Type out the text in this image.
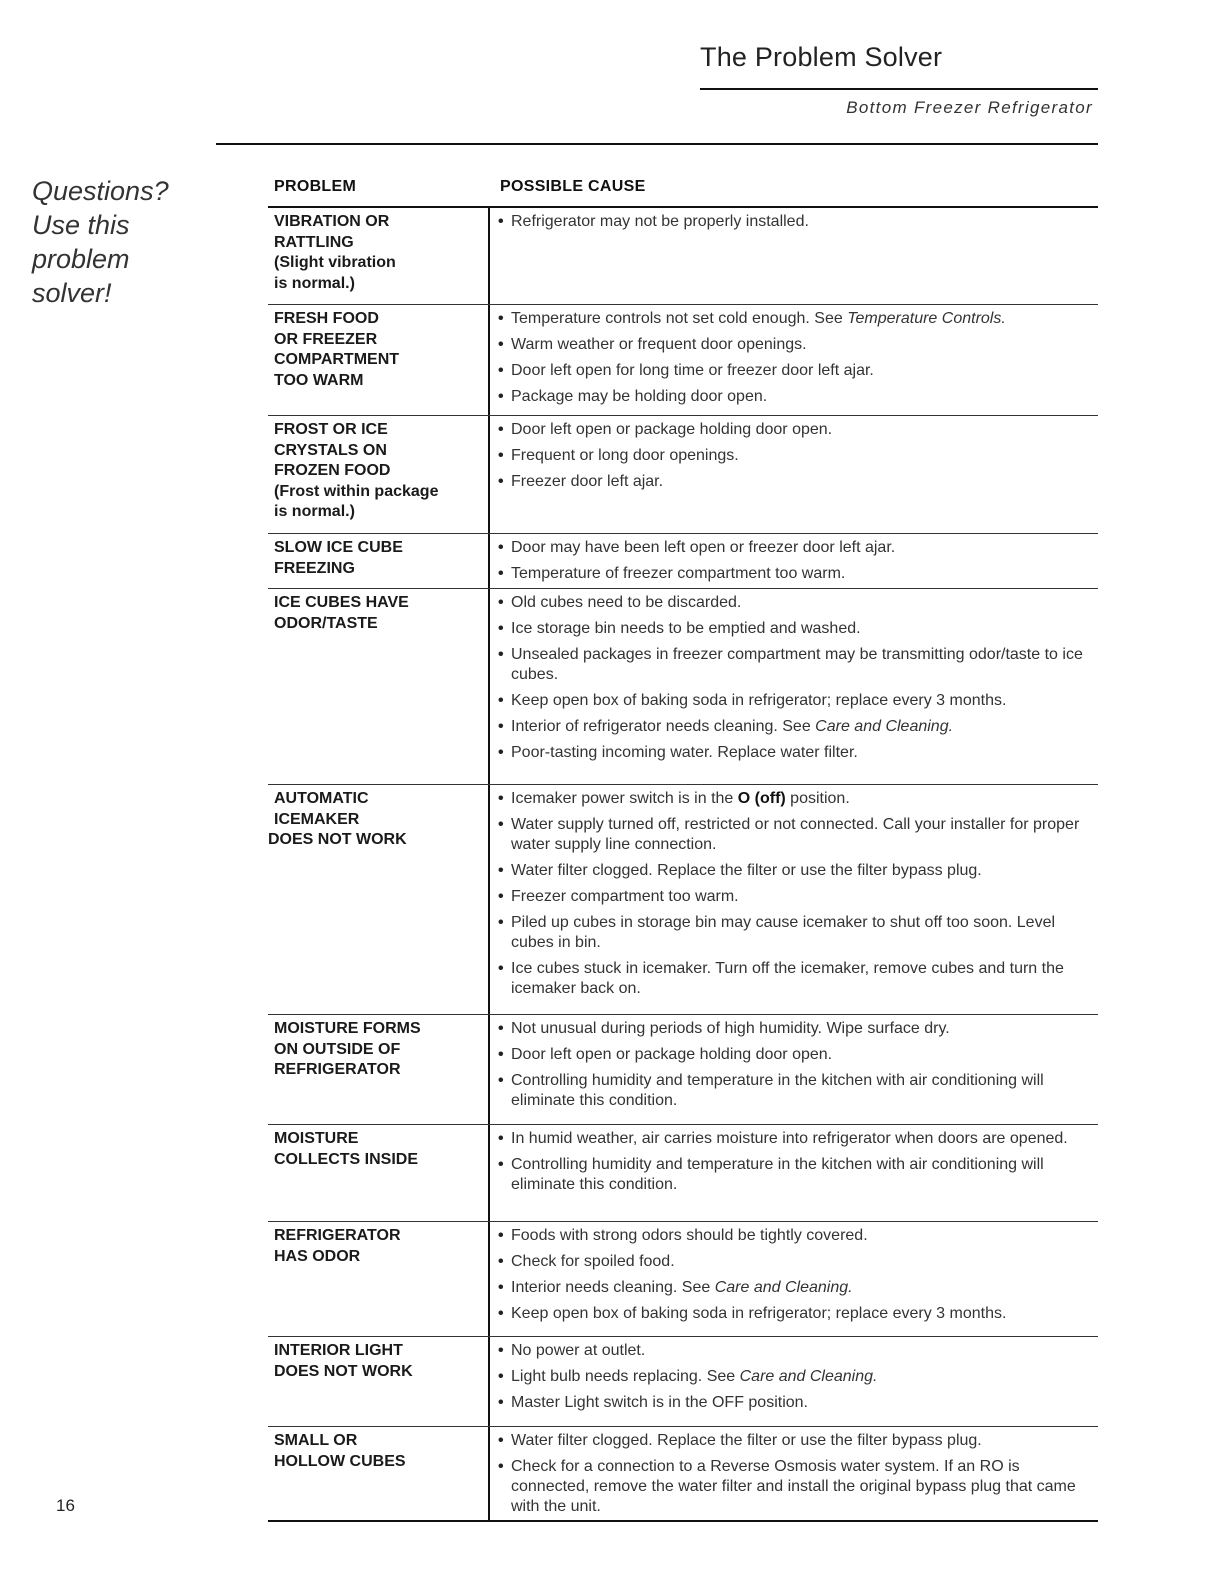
The Problem Solver
Bottom Freezer Refrigerator
Questions?
Use this
problem
solver!
16
PROBLEM	POSSIBLE CAUSE
VIBRATION OR
RATTLING
(Slight vibration
is normal.)
• Refrigerator may not be properly installed.
FRESH FOOD
OR FREEZER
COMPARTMENT
TOO WARM
• Temperature controls not set cold enough. See Temperature Controls.
• Warm weather or frequent door openings.
• Door left open for long time or freezer door left ajar.
• Package may be holding door open.
FROST OR ICE
CRYSTALS ON
FROZEN FOOD
(Frost within package
is normal.)
• Door left open or package holding door open.
• Frequent or long door openings.
• Freezer door left ajar.
SLOW ICE CUBE
FREEZING
• Door may have been left open or freezer door left ajar.
• Temperature of freezer compartment too warm.
ICE CUBES HAVE
ODOR/TASTE
• Old cubes need to be discarded.
• Ice storage bin needs to be emptied and washed.
• Unsealed packages in freezer compartment may be transmitting odor/taste to ice cubes.
• Keep open box of baking soda in refrigerator; replace every 3 months.
• Interior of refrigerator needs cleaning. See Care and Cleaning.
• Poor-tasting incoming water. Replace water filter.
AUTOMATIC
ICEMAKER
DOES NOT WORK
• Icemaker power switch is in the O (off) position.
• Water supply turned off, restricted or not connected. Call your installer for proper water supply line connection.
• Water filter clogged. Replace the filter or use the filter bypass plug.
• Freezer compartment too warm.
• Piled up cubes in storage bin may cause icemaker to shut off too soon. Level cubes in bin.
• Ice cubes stuck in icemaker. Turn off the icemaker, remove cubes and turn the icemaker back on.
MOISTURE FORMS
ON OUTSIDE OF
REFRIGERATOR
• Not unusual during periods of high humidity. Wipe surface dry.
• Door left open or package holding door open.
• Controlling humidity and temperature in the kitchen with air conditioning will eliminate this condition.
MOISTURE
COLLECTS INSIDE
• In humid weather, air carries moisture into refrigerator when doors are opened.
• Controlling humidity and temperature in the kitchen with air conditioning will eliminate this condition.
REFRIGERATOR
HAS ODOR
• Foods with strong odors should be tightly covered.
• Check for spoiled food.
• Interior needs cleaning. See Care and Cleaning.
• Keep open box of baking soda in refrigerator; replace every 3 months.
INTERIOR LIGHT
DOES NOT WORK
• No power at outlet.
• Light bulb needs replacing. See Care and Cleaning.
• Master Light switch is in the OFF position.
SMALL OR
HOLLOW CUBES
• Water filter clogged. Replace the filter or use the filter bypass plug.
• Check for a connection to a Reverse Osmosis water system. If an RO is connected, remove the water filter and install the original bypass plug that came with the unit.
